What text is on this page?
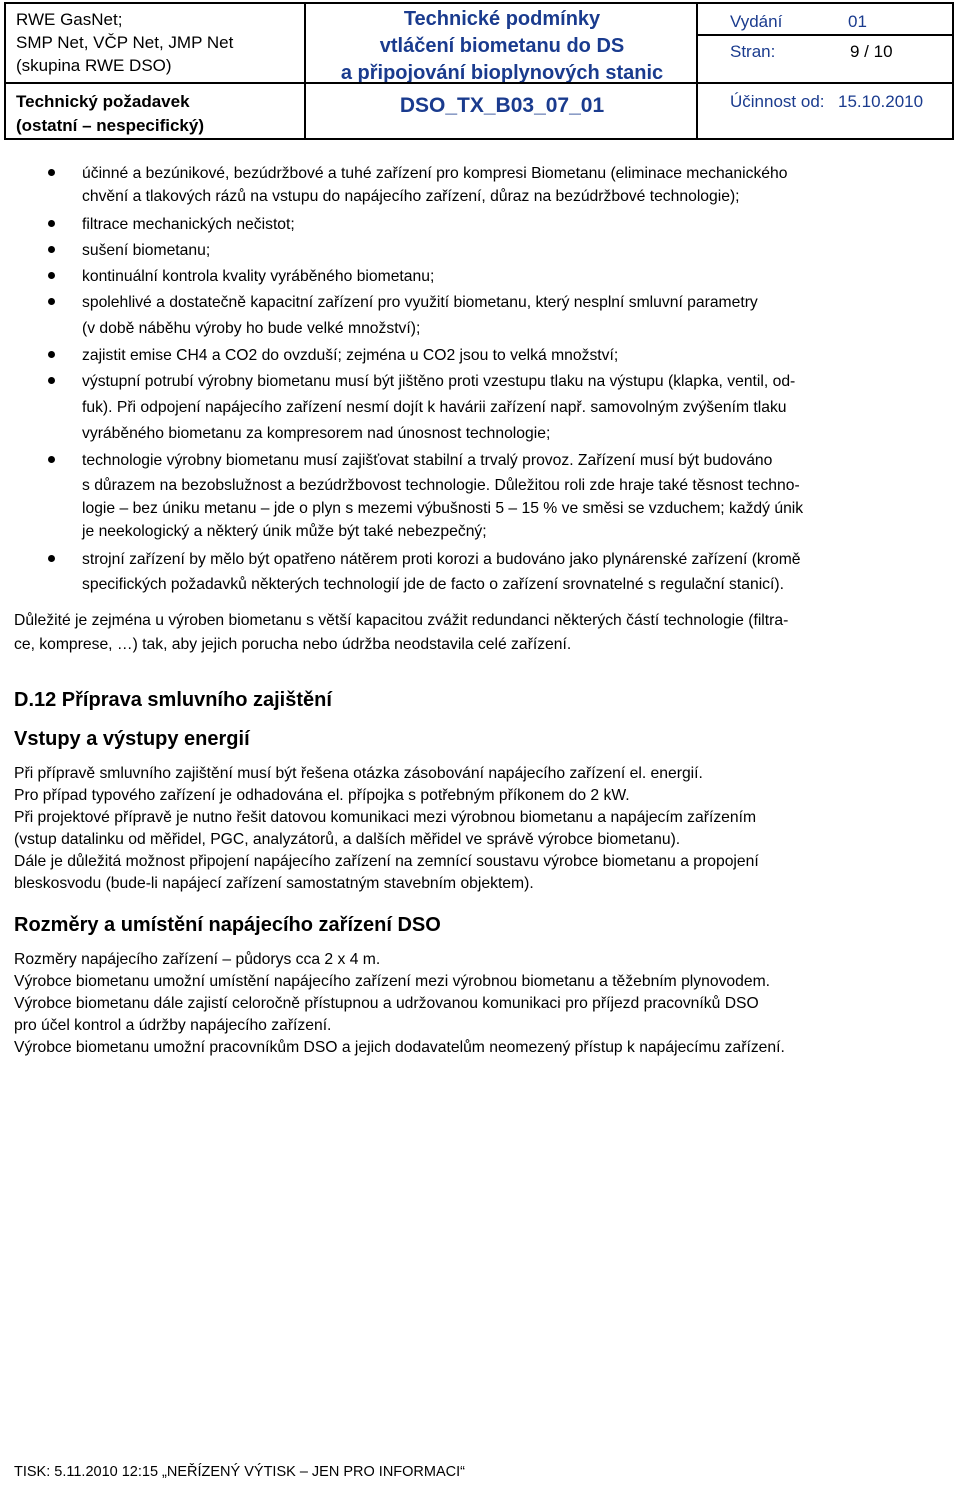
RWE GasNet;
SMP Net, VČP Net, JMP Net
(skupina RWE DSO)
Technický požadavek
(ostatní – nespecifický)
Technické podmínky
vtláčení biometanu do DS
a připojování bioplynových stanic
DSO_TX_B03_07_01
Vydání	01
Stran:	9 / 10
Účinnost od: 15.10.2010
účinné a bezúnikové, bezúdržbové a tuhé zařízení pro kompresi Biometanu (eliminace mechanického
chvění a tlakových rázů na vstupu do napájecího zařízení, důraz na bezúdržbové technologie);
filtrace mechanických nečistot;
sušení biometanu;
kontinuální kontrola kvality vyráběného biometanu;
spolehlivé a dostatečně kapacitní zařízení pro využití biometanu, který nesplní smluvní parametry
(v době náběhu výroby ho bude velké množství);
zajistit emise CH4 a CO2 do ovzduší; zejména u CO2 jsou to velká množství;
výstupní potrubí výrobny biometanu musí být jištěno proti vzestupu tlaku na výstupu (klapka, ventil, od-
fuk). Při odpojení napájecího zařízení nesmí dojít k havárii zařízení např. samovolným zvýšením tlaku
vyráběného biometanu za kompresorem nad únosnost technologie;
technologie výrobny biometanu musí zajišťovat stabilní a trvalý provoz. Zařízení musí být budováno
s důrazem na bezobslužnost a bezúdržbovost technologie. Důležitou roli zde hraje také těsnost techno-
logie – bez úniku metanu – jde o plyn s mezemi výbušnosti 5 – 15 % ve směsi se vzduchem; každý únik
je neekologický a některý únik může být také nebezpečný;
strojní zařízení by mělo být opatřeno nátěrem proti korozi a budováno jako plynárenské zařízení (kromě
specifických požadavků některých technologií jde de facto o zařízení srovnatelné s regulační stanicí).
Důležité je zejména u výroben biometanu s větší kapacitou zvážit redundanci některých částí technologie (filtra-
ce, komprese, …) tak, aby jejich porucha nebo údržba neodstavila celé zařízení.
D.12 Příprava smluvního zajištění
Vstupy a výstupy energií
Při přípravě smluvního zajištění musí být řešena otázka zásobování napájecího zařízení el. energií.
Pro případ typového zařízení je odhadována el. přípojka s potřebným příkonem do 2 kW.
Při projektové přípravě je nutno řešit datovou komunikaci mezi výrobnou biometanu a napájecím zařízením
(vstup datalinku od měřidel, PGC, analyzátorů, a dalších měřidel ve správě výrobce biometanu).
Dále je důležitá možnost připojení napájecího zařízení na zemnící soustavu výrobce biometanu a propojení
bleskosvodu (bude-li napájecí zařízení samostatným stavebním objektem).
Rozměry a umístění napájecího zařízení DSO
Rozměry napájecího zařízení – půdorys cca 2 x 4 m.
Výrobce biometanu umožní umístění napájecího zařízení mezi výrobnou biometanu a těžebním plynovodem.
Výrobce biometanu dále zajistí celoročně přístupnou a udržovanou komunikaci pro příjezd pracovníků DSO
pro účel kontrol a údržby napájecího zařízení.
Výrobce biometanu umožní pracovníkům DSO a jejich dodavatelům neomezený přístup k napájecímu zařízení.
TISK: 5.11.2010 12:15 „NEŘÍZENÝ VÝTISK – JEN PRO INFORMACI“
